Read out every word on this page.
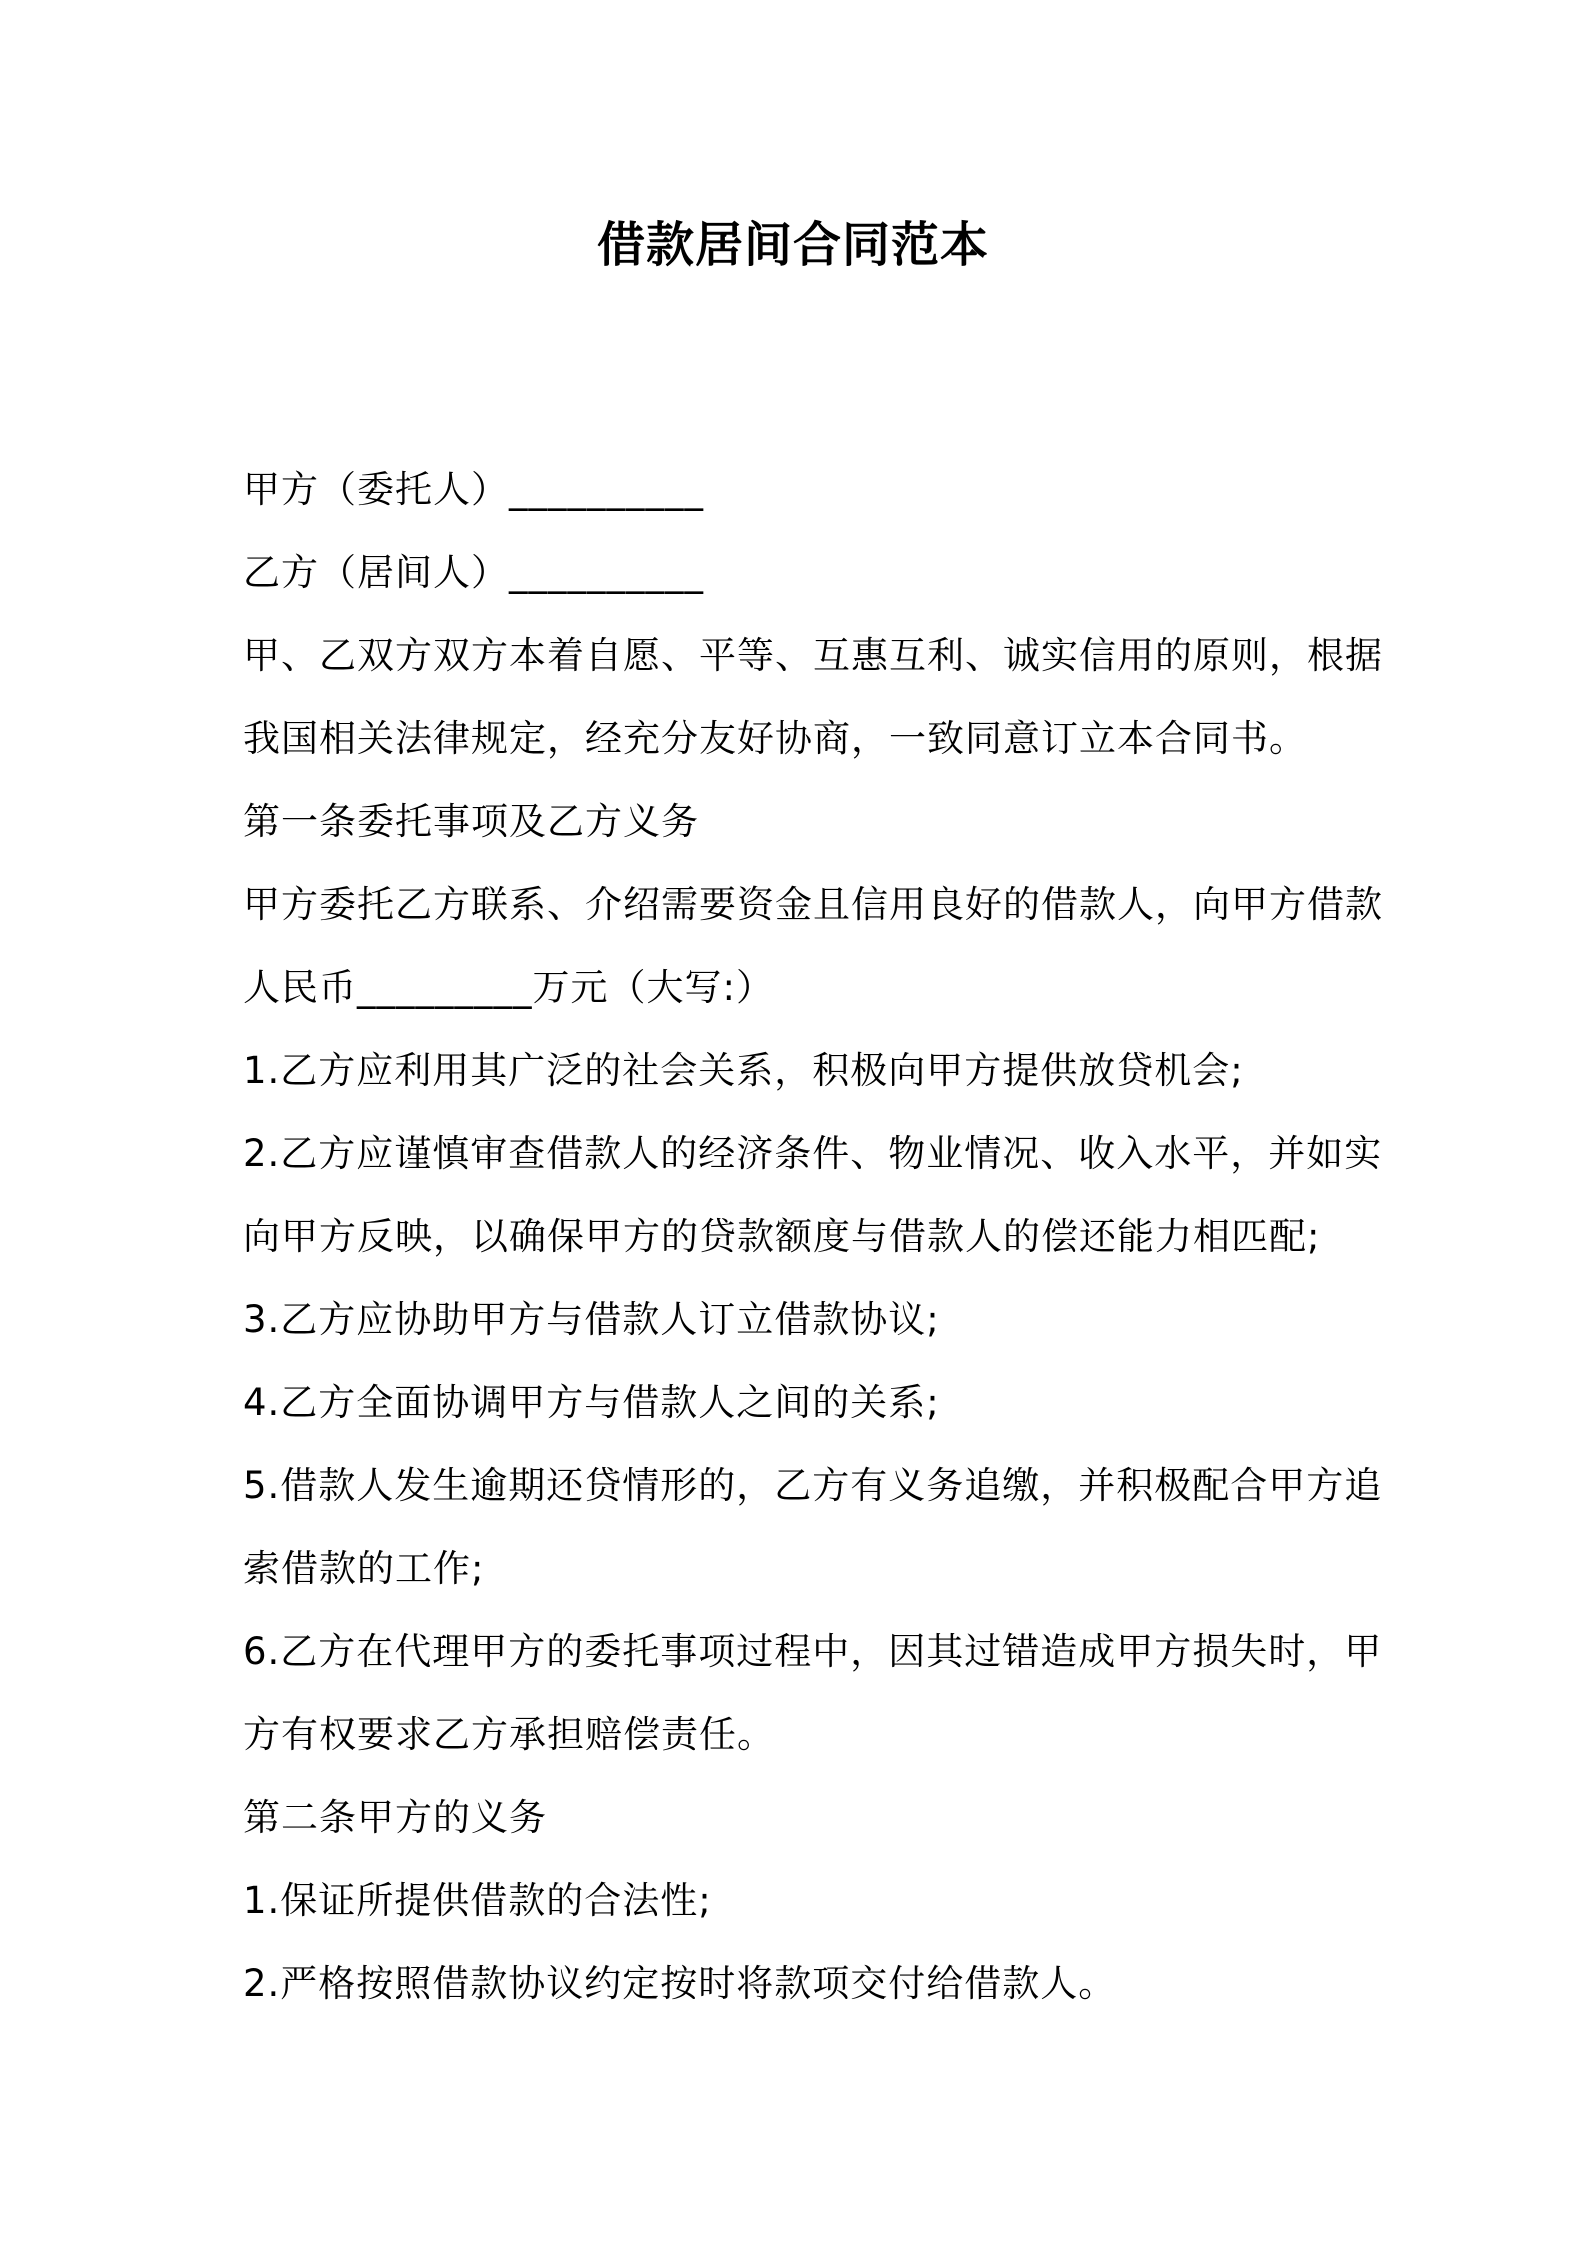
借款居间合同范本
甲方（委托人）__________
乙方（居间人）__________
甲、乙双方双方本着自愿、平等、互惠互利、诚实信用的原则，根据
我国相关法律规定，经充分友好协商，一致同意订立本合同书。
第一条委托事项及乙方义务
甲方委托乙方联系、介绍需要资金且信用良好的借款人，向甲方借款
人民币_________万元（大写:）
1.乙方应利用其广泛的社会关系，积极向甲方提供放贷机会;
2.乙方应谨慎审查借款人的经济条件、物业情况、收入水平，并如实
向甲方反映，以确保甲方的贷款额度与借款人的偿还能力相匹配;
3.乙方应协助甲方与借款人订立借款协议;
4.乙方全面协调甲方与借款人之间的关系;
5.借款人发生逾期还贷情形的，乙方有义务追缴，并积极配合甲方追
索借款的工作;
6.乙方在代理甲方的委托事项过程中，因其过错造成甲方损失时，甲
方有权要求乙方承担赔偿责任。
第二条甲方的义务
1.保证所提供借款的合法性;
2.严格按照借款协议约定按时将款项交付给借款人。
